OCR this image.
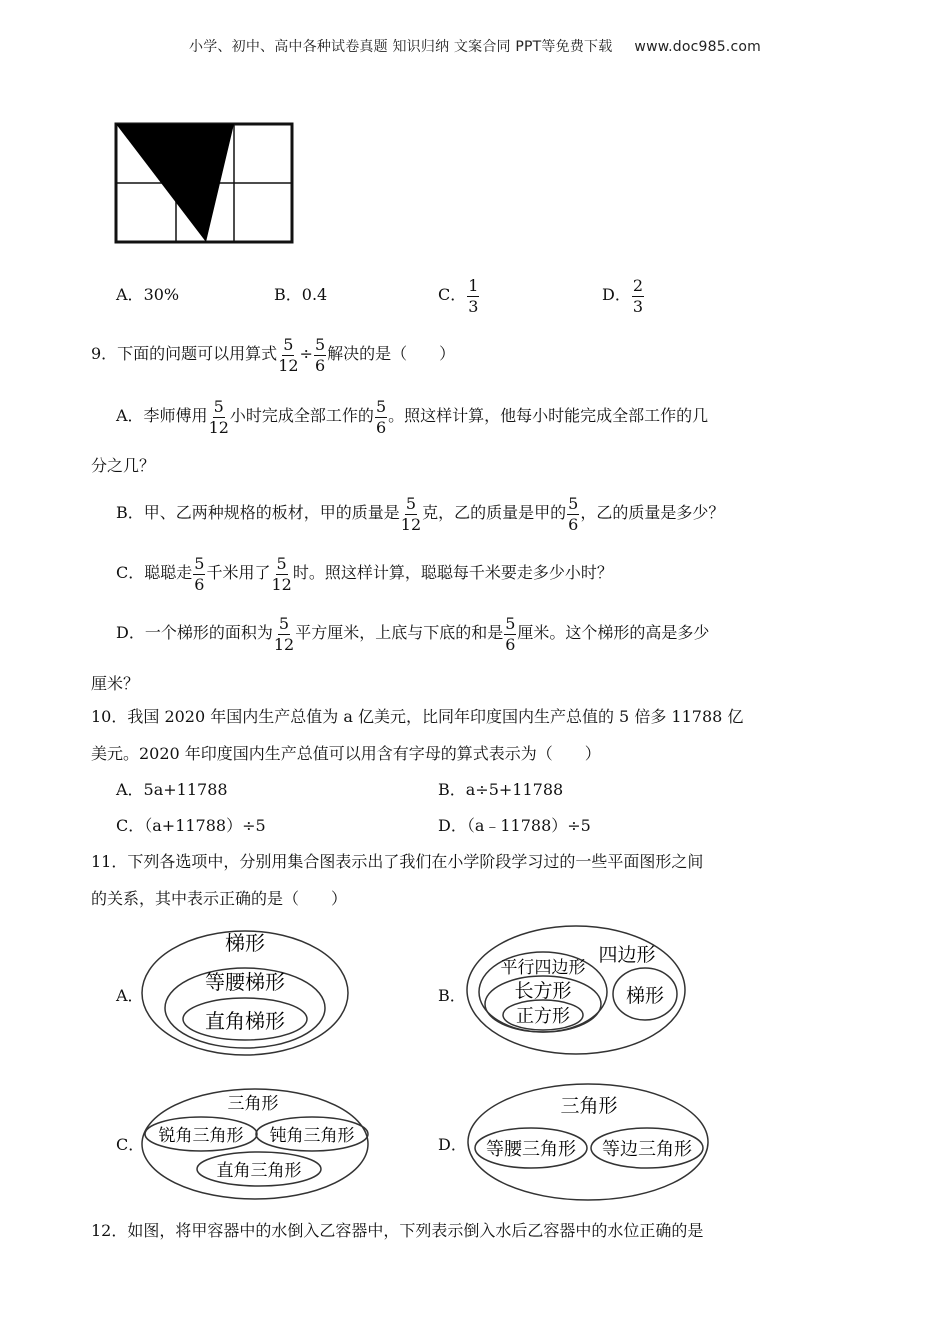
小学、初中、高中各种试卷真题 知识归纳 文案合同 PPT等免费下载 www.doc985.com
A．30%	B．0.4	C． $\frac{1}{3}$	D． $\frac{2}{3}$
9．下面的问题可以用算式 $\frac{5}{12} \div \frac{5}{6}$ 解决的是（　　）
A．李师傅用 $\frac{5}{12}$ 小时完成全部工作的 $\frac{5}{6}$ 。照这样计算，他每小时能完成全部工作的几
分之几？
B．甲、乙两种规格的板材，甲的质量是 $\frac{5}{12}$ 克，乙的质量是甲的 $\frac{5}{6}$ ，乙的质量是多少？
C．聪聪走 $\frac{5}{6}$ 千米用了 $\frac{5}{12}$ 时。照这样计算，聪聪每千米要走多少小时？
D．一个梯形的面积为 $\frac{5}{12}$ 平方厘米，上底与下底的和是 $\frac{5}{6}$ 厘米。这个梯形的高是多少
厘米？
10．我国 2020 年国内生产总值为 a 亿美元，比同年印度国内生产总值的 5 倍多 11788 亿
美元。2020 年印度国内生产总值可以用含有字母的算式表示为（　　）
A．5a+11788	B．a÷5+11788
C．（a+11788）÷5	D．（a﹣11788）÷5
11．下列各选项中，分别用集合图表示出了我们在小学阶段学习过的一些平面图形之间
的关系，其中表示正确的是（　　）
A．
梯形
等腰梯形
直角梯形
B．
四边形
平行四边形
长方形
正方形
梯形
C．
三角形
锐角三角形 钝角三角形
直角三角形
D．
三角形
等腰三角形 等边三角形
12．如图，将甲容器中的水倒入乙容器中，下列表示倒入水后乙容器中的水位正确的是
